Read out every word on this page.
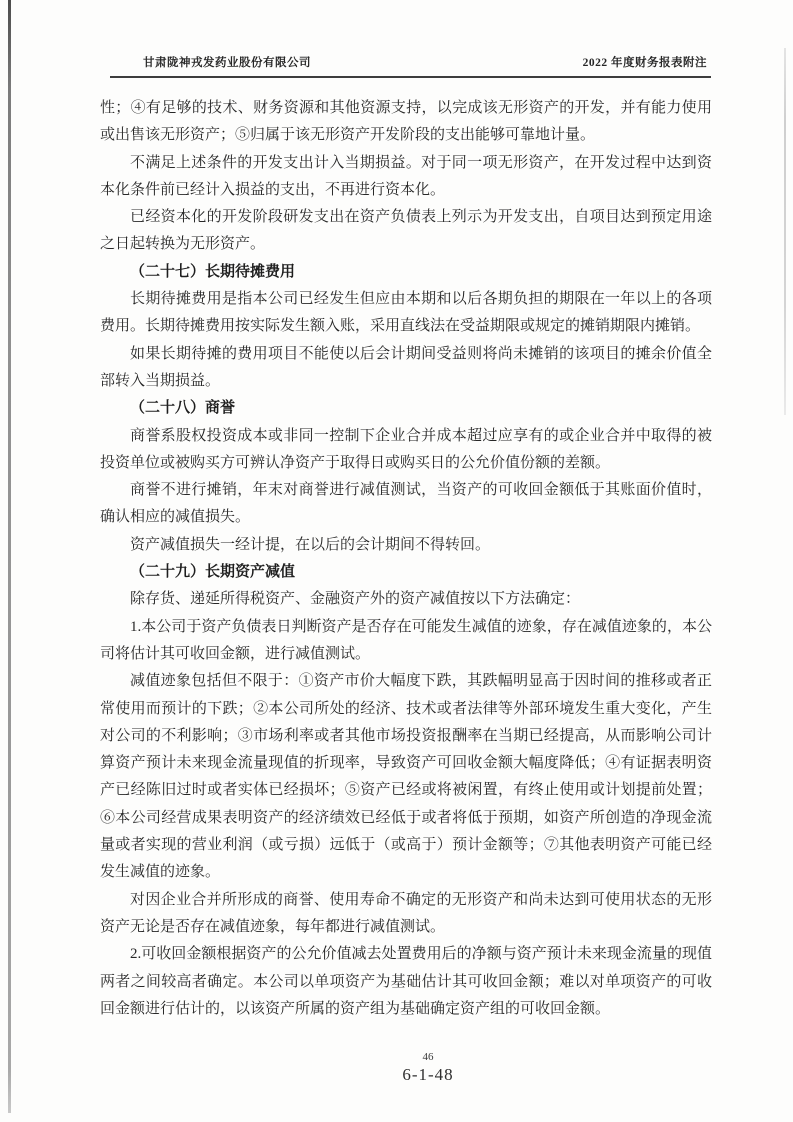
甘肃陇神戎发药业股份有限公司	2022 年度财务报表附注

性；④有足够的技术、财务资源和其他资源支持，以完成该无形资产的开发，并有能力使用或出售该无形资产；⑤归属于该无形资产开发阶段的支出能够可靠地计量。

不满足上述条件的开发支出计入当期损益。对于同一项无形资产，在开发过程中达到资本化条件前已经计入损益的支出，不再进行资本化。

已经资本化的开发阶段研发支出在资产负债表上列示为开发支出，自项目达到预定用途之日起转换为无形资产。

（二十七）长期待摊费用

长期待摊费用是指本公司已经发生但应由本期和以后各期负担的期限在一年以上的各项费用。长期待摊费用按实际发生额入账，采用直线法在受益期限或规定的摊销期限内摊销。

如果长期待摊的费用项目不能使以后会计期间受益则将尚未摊销的该项目的摊余价值全部转入当期损益。

（二十八）商誉

商誉系股权投资成本或非同一控制下企业合并成本超过应享有的或企业合并中取得的被投资单位或被购买方可辨认净资产于取得日或购买日的公允价值份额的差额。

商誉不进行摊销，年末对商誉进行减值测试，当资产的可收回金额低于其账面价值时，确认相应的减值损失。

资产减值损失一经计提，在以后的会计期间不得转回。

（二十九）长期资产减值

除存货、递延所得税资产、金融资产外的资产减值按以下方法确定：

1.本公司于资产负债表日判断资产是否存在可能发生减值的迹象，存在减值迹象的，本公司将估计其可收回金额，进行减值测试。

减值迹象包括但不限于：①资产市价大幅度下跌，其跌幅明显高于因时间的推移或者正常使用而预计的下跌；②本公司所处的经济、技术或者法律等外部环境发生重大变化，产生对公司的不利影响；③市场利率或者其他市场投资报酬率在当期已经提高，从而影响公司计算资产预计未来现金流量现值的折现率，导致资产可回收金额大幅度降低；④有证据表明资产已经陈旧过时或者实体已经损坏；⑤资产已经或将被闲置，有终止使用或计划提前处置；⑥本公司经营成果表明资产的经济绩效已经低于或者将低于预期，如资产所创造的净现金流量或者实现的营业利润（或亏损）远低于（或高于）预计金额等；⑦其他表明资产可能已经发生减值的迹象。

对因企业合并所形成的商誉、使用寿命不确定的无形资产和尚未达到可使用状态的无形资产无论是否存在减值迹象，每年都进行减值测试。

2.可收回金额根据资产的公允价值减去处置费用后的净额与资产预计未来现金流量的现值两者之间较高者确定。本公司以单项资产为基础估计其可收回金额；难以对单项资产的可收回金额进行估计的，以该资产所属的资产组为基础确定资产组的可收回金额。

46
6-1-48
